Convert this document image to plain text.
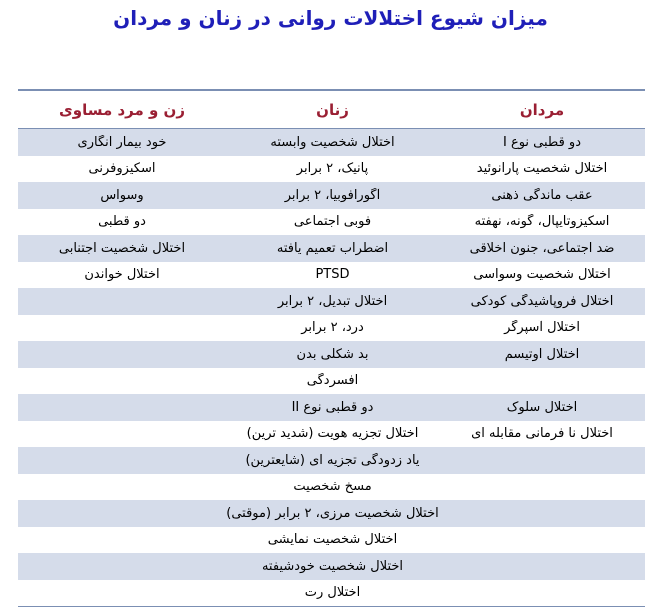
میزان شیوع اختلالات روانی در زنان و مردان
مردان
زنان
زن و مرد مساوی
دو قطبی نوع I
اختلال شخصیت وابسته
خود بیمار انگاری
اختلال شخصیت پارانوئید
پانیک، ۲ برابر
اسکیزوفرنی
عقب ماندگی ذهنی
آگورافوبیا، ۲ برابر
وسواس
اسکیزوتایپال، گونه، نهفته
فوبی اجتماعی
دو قطبی
ضد اجتماعی، جنون اخلاقی
اضطراب تعمیم یافته
اختلال شخصیت اجتنابی
اختلال شخصیت وسواسی
PTSD
اختلال خواندن
اختلال فروپاشیدگی کودکی
اختلال تبدیل، ۲ برابر
اختلال آسپرگر
درد، ۲ برابر
اختلال اوتیسم
بد شکلی بدن
افسردگی
اختلال سلوک
دو قطبی نوع II
اختلال نا فرمانی مقابله ای
اختلال تجزیه هویت (شدید ترین)
یاد زدودگی تجزیه ای (شایعترین)
مسخ شخصیت
اختلال شخصیت مرزی، ۲ برابر (موقتی)
اختلال شخصیت نمایشی
اختلال شخصیت خودشیفته
اختلال رت
